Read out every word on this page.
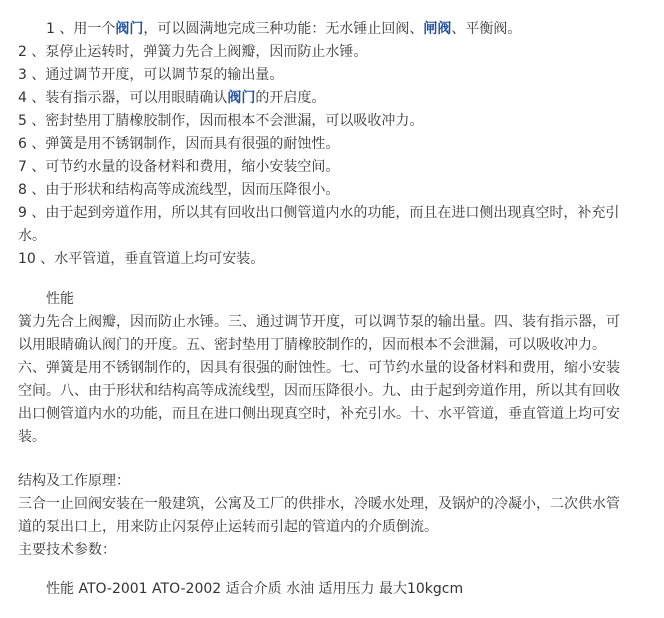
1 、用一个阀门，可以圆满地完成三种功能：无水锤止回阀、闸阀、平衡阀。
2 、泵停止运转时，弹簧力先合上阀瓣，因而防止水锤。
3 、通过调节开度，可以调节泵的输出量。
4 、装有指示器，可以用眼睛确认阀门的开启度。
5 、密封垫用丁腈橡胶制作，因而根本不会泄漏，可以吸收冲力。
6 、弹簧是用不锈钢制作，因而具有很强的耐蚀性。
7 、可节约水量的设备材料和费用，缩小安装空间。
8 、由于形状和结构高等成流线型，因而压降很小。
9 、由于起到旁道作用，所以其有回收出口侧管道内水的功能，而且在进口侧出现真空时，补充引
水。
10 、水平管道，垂直管道上均可安装。
性能
簧力先合上阀瓣，因而防止水锤。三、通过调节开度，可以调节泵的输出量。四、装有指示器，可
以用眼睛确认阀门的开度。五、密封垫用丁腈橡胶制作的，因而根本不会泄漏，可以吸收冲力。
六、弹簧是用不锈钢制作的，因具有很强的耐蚀性。七、可节约水量的设备材料和费用，缩小安装
空间。八、由于形状和结构高等成流线型，因而压降很小。九、由于起到旁道作用，所以其有回收
出口侧管道内水的功能，而且在进口侧出现真空时，补充引水。十、水平管道，垂直管道上均可安
装。
结构及工作原理：
三合一止回阀安装在一般建筑，公寓及工厂的供排水，冷暖水处理，及锅炉的冷凝小，二次供水管
道的泵出口上，用来防止闪泵停止运转而引起的管道内的介质倒流。
主要技术参数：
性能 ATO-2001 ATO-2002 适合介质 水油 适用压力 最大10kgcm
